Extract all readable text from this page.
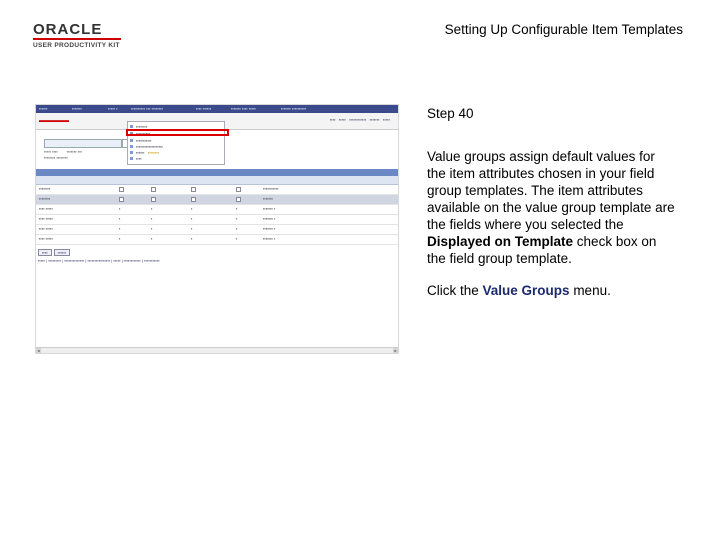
ORACLE
USER PRODUCTIVITY KIT
Setting Up Configurable Item Templates
▪▪▪▪▪▪	▪▪▪▪▪▪▪	▪▪▪▪▪ ▪	▪▪▪▪▪▪▪▪▪▪ ▪▪▪ ▪▪▪▪▪▪▪▪	▪▪▪▪ ▪▪▪▪▪▪	▪▪▪▪▪▪▪ ▪▪▪▪ ▪▪▪▪▪	▪▪▪▪▪▪▪ ▪▪▪▪▪▪▪▪▪▪
▬▬▬▬▬	▪▪▪▪   ▪▪▪▪▪   ▪▪▪▪▪▪▪▪▪▪▪▪   ▪▪▪▪▪▪▪   ▪▪▪▪▪
▪▪▪▪▪ ▪▪▪▪        ▪▪▪▪▪▪▪ ▪▪▪
▪▪▪▪▪▪▪▪ ▪▪▪▪▪▪▪▪
▪▪▪▪▪▪▪▪
▪▪▪▪▪▪▪▪▪▪
▪▪▪▪▪▪▪▪▪▪▪
▪▪▪▪▪▪▪▪▪▪▪▪▪▪▪▪▪▪▪
▪▪▪▪▪▪   ▪▪▪▪▪▪▪▪
▪▪▪▪
▪▪▪▪▪▪▪▪	▪▪▪▪▪▪▪▪▪▪▪
▪▪▪▪▪▪▪▪	▪▪▪▪▪▪▪
▪▪▪▪ ▪▪▪▪▪	▪	▪	▪	▪	▪▪▪▪▪▪▪ ▪
▪▪▪▪ ▪▪▪▪▪	▪	▪	▪	▪	▪▪▪▪▪▪▪ ▪
▪▪▪▪ ▪▪▪▪▪	▪	▪	▪	▪	▪▪▪▪▪▪▪ ▪
▪▪▪▪ ▪▪▪▪▪	▪	▪	▪	▪	▪▪▪▪▪▪▪ ▪
▪▪▪▪	▪▪▪▪▪▪
▪▪▪▪▪ | ▪▪▪▪▪▪▪▪▪ | ▪▪▪▪▪▪▪▪▪▪▪▪▪▪ | ▪▪▪▪▪▪▪▪▪▪▪▪▪▪▪▪ | ▪▪▪▪▪ | ▪▪▪▪▪▪▪▪▪▪▪▪ | ▪▪▪▪▪▪▪▪▪▪▪
◂	▸
Step 40
Value groups assign default values for the item attributes chosen in your field group templates. The item attributes available on the value group template are the fields where you selected the Displayed on Template check box on the field group template.
Click the Value Groups menu.
